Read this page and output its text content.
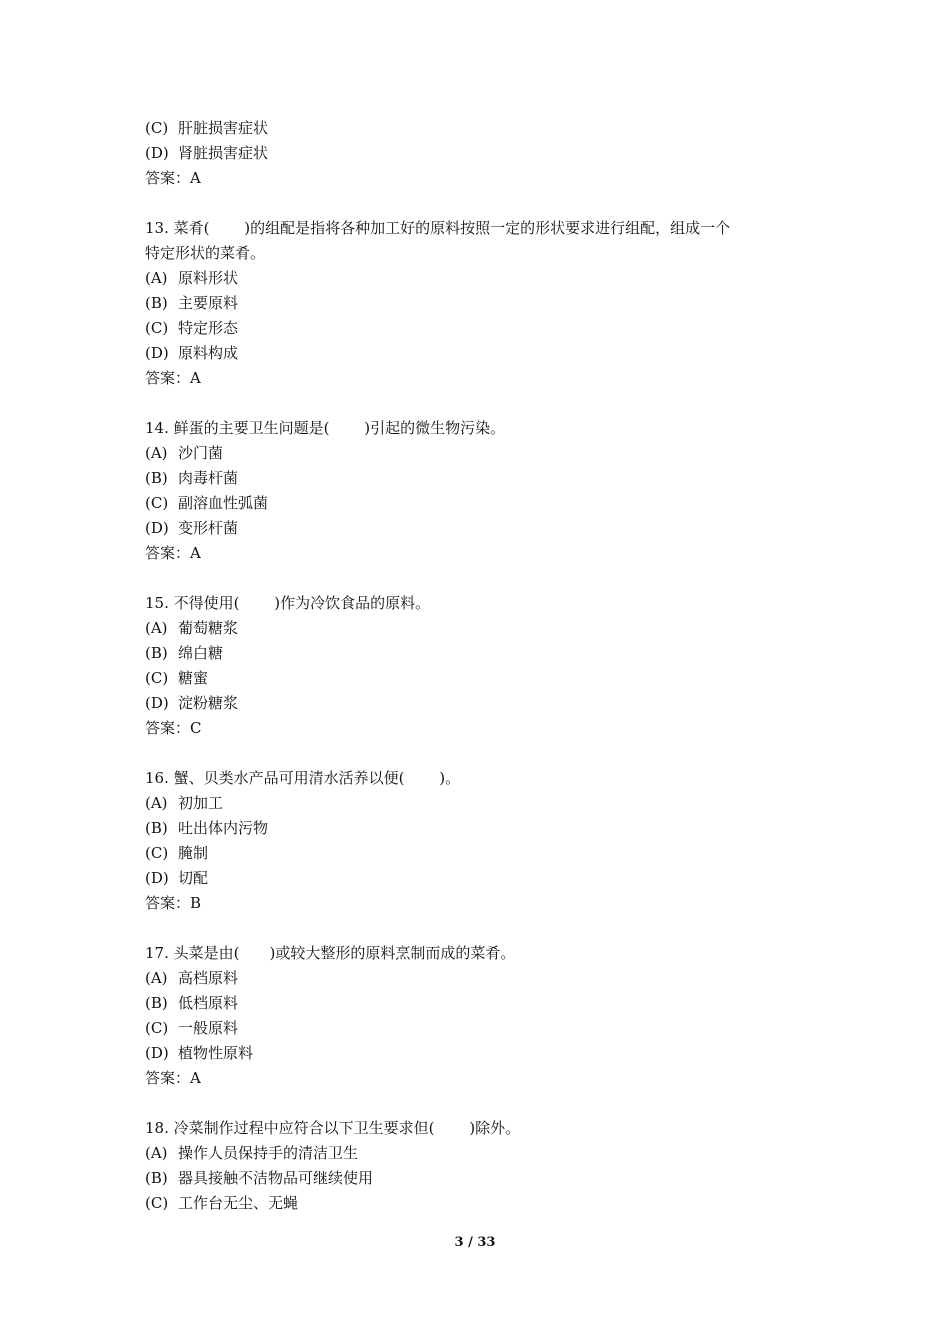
(C) 肝脏损害症状
(D) 肾脏损害症状
答案：A
13. 菜肴(　　 )的组配是指将各种加工好的原料按照一定的形状要求进行组配，组成一个
特定形状的菜肴。
(A) 原料形状
(B) 主要原料
(C) 特定形态
(D) 原料构成
答案：A
14. 鲜蛋的主要卫生问题是(　　 )引起的微生物污染。
(A) 沙门菌
(B) 肉毒杆菌
(C) 副溶血性弧菌
(D) 变形杆菌
答案：A
15. 不得使用(　　 )作为冷饮食品的原料。
(A) 葡萄糖浆
(B) 绵白糖
(C) 糖蜜
(D) 淀粉糖浆
答案：C
16. 蟹、贝类水产品可用清水活养以便(　　 )。
(A) 初加工
(B) 吐出体内污物
(C) 腌制
(D) 切配
答案：B
17. 头菜是由(　　)或较大整形的原料烹制而成的菜肴。
(A) 高档原料
(B) 低档原料
(C) 一般原料
(D) 植物性原料
答案：A
18. 冷菜制作过程中应符合以下卫生要求但(　　 )除外。
(A) 操作人员保持手的清洁卫生
(B) 器具接触不洁物品可继续使用
(C) 工作台无尘、无蝇
3 / 33
